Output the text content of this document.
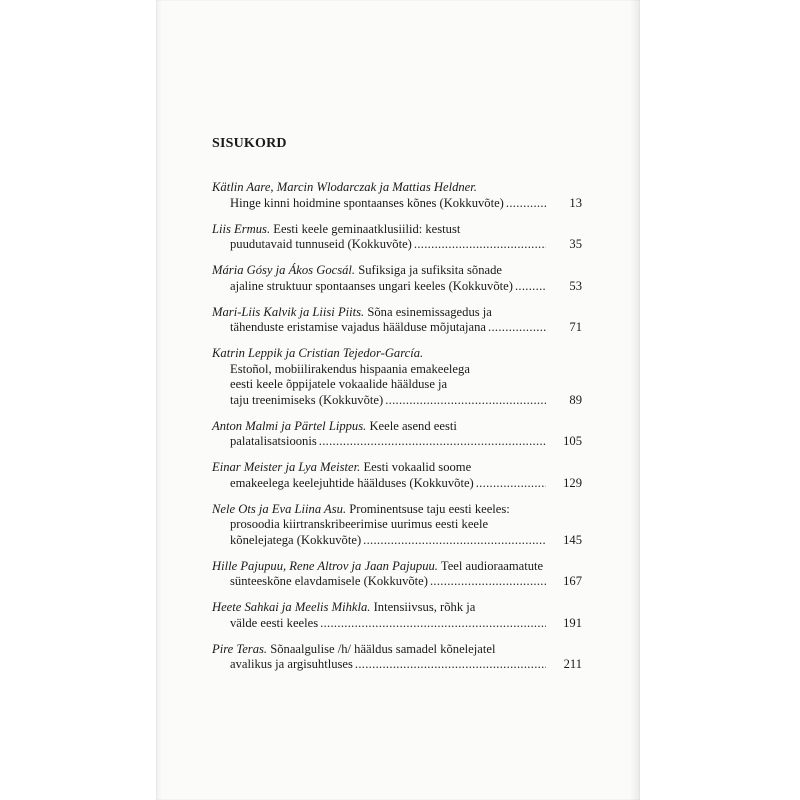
SISUKORD
Kätlin Aare, Marcin Wlodarczak ja Mattias Heldner.
Hinge kinni hoidmine spontaanses kõnes (Kokkuvõte) .....	13
Liis Ermus. Eesti keele geminaatklusiilid: kestust
puudutavaid tunnuseid (Kokkuvõte) .....	35
Mária Gósy ja Ákos Gocsál. Sufiksiga ja sufiksita sõnade
ajaline struktuur spontaanses ungari keeles (Kokkuvõte) .....	53
Mari-Liis Kalvik ja Liisi Piits. Sõna esinemissagedus ja
tähenduste eristamise vajadus hääldusе mõjutajana .....	71
Katrin Leppik ja Cristian Tejedor-García.
Estoñol, mobiilirakendus hispaania emakeelega
eesti keele õppijatele vokaalide häälduse ja
taju treenimiseks (Kokkuvõte) .....	89
Anton Malmi ja Pärtel Lippus. Keele asend eesti
palatalisatsioonis .....	105
Einar Meister ja Lya Meister. Eesti vokaalid soome
emakeelega keelejuhtide hääldusеs (Kokkuvõte) .....	129
Nele Ots ja Eva Liina Asu. Prominentsuse taju eesti keeles:
prosoodia kiirtranskribeerimise uurimus eesti keele
kõnelejatega (Kokkuvõte) .....	145
Hille Pajupuu, Rene Altrov ja Jaan Pajupuu. Teel audioraamatute
sünteeskõne elavdamisele (Kokkuvõte) .....	167
Heete Sahkai ja Meelis Mihkla. Intensiivsus, rõhk ja
välde eesti keeles .....	191
Pire Teras. Sõnaalgulise /h/ hääldus samadel kõnelejatel
avalikus ja argisuhtluses .....	211
